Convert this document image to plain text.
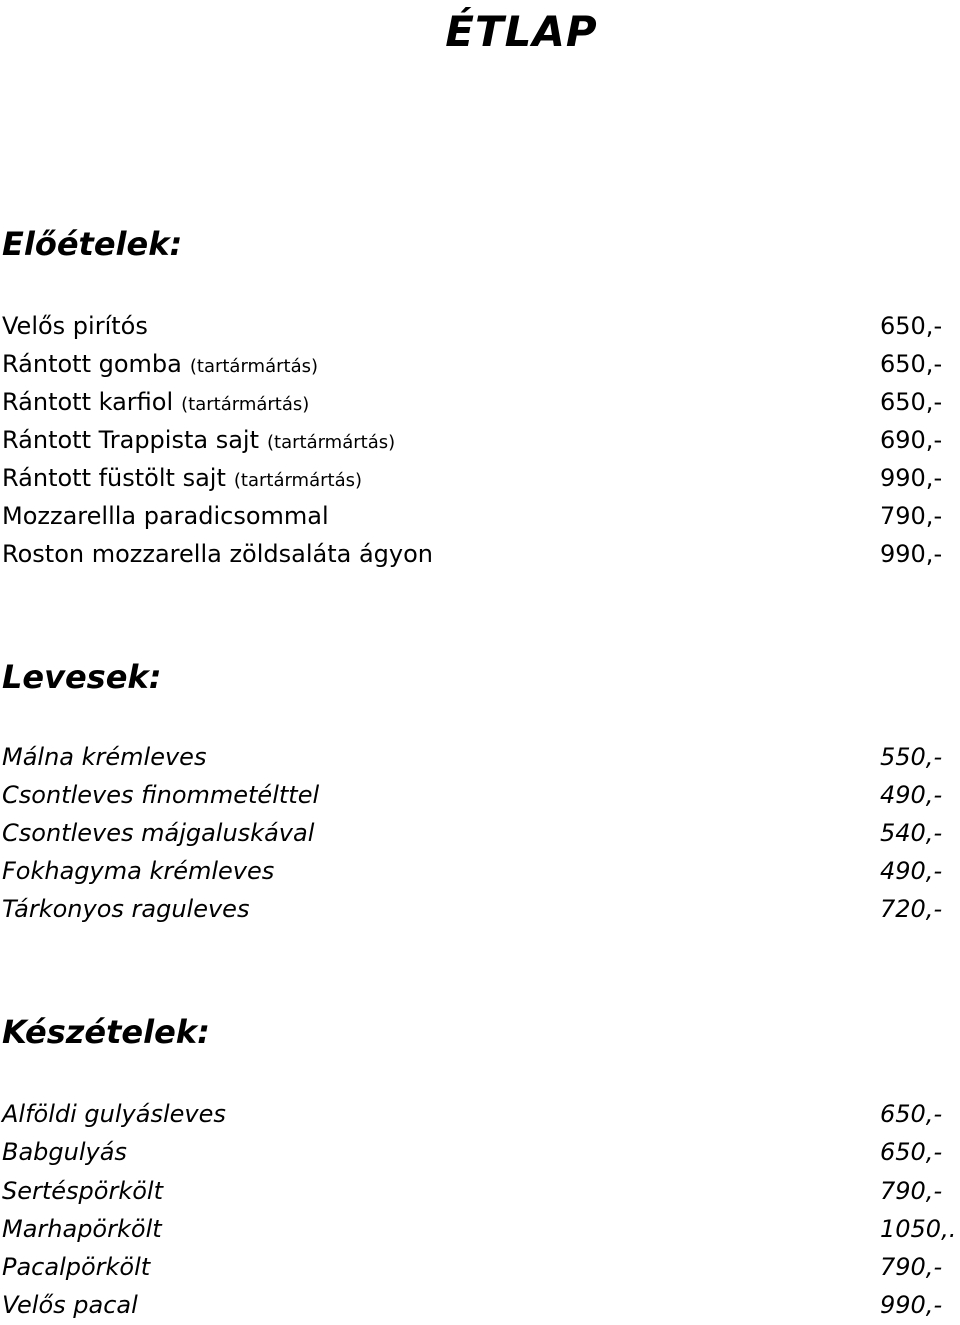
ÉTLAP
Előételek:
Velős pirítós	650,-
Rántott gomba (tartármártás)	650,-
Rántott karfiol (tartármártás)	650,-
Rántott Trappista sajt (tartármártás)	690,-
Rántott füstölt sajt (tartármártás)	990,-
Mozzarellla paradicsommal	790,-
Roston mozzarella zöldsaláta ágyon	990,-
Levesek:
Málna krémleves	550,-
Csontleves finommetélttel	490,-
Csontleves májgaluskával	540,-
Fokhagyma krémleves	490,-
Tárkonyos raguleves	720,-
Készételek:
Alföldi gulyásleves	650,-
Babgulyás	650,-
Sertéspörkölt	790,-
Marhapörkölt	1050,.
Pacalpörkölt	790,-
Velős pacal	990,-
